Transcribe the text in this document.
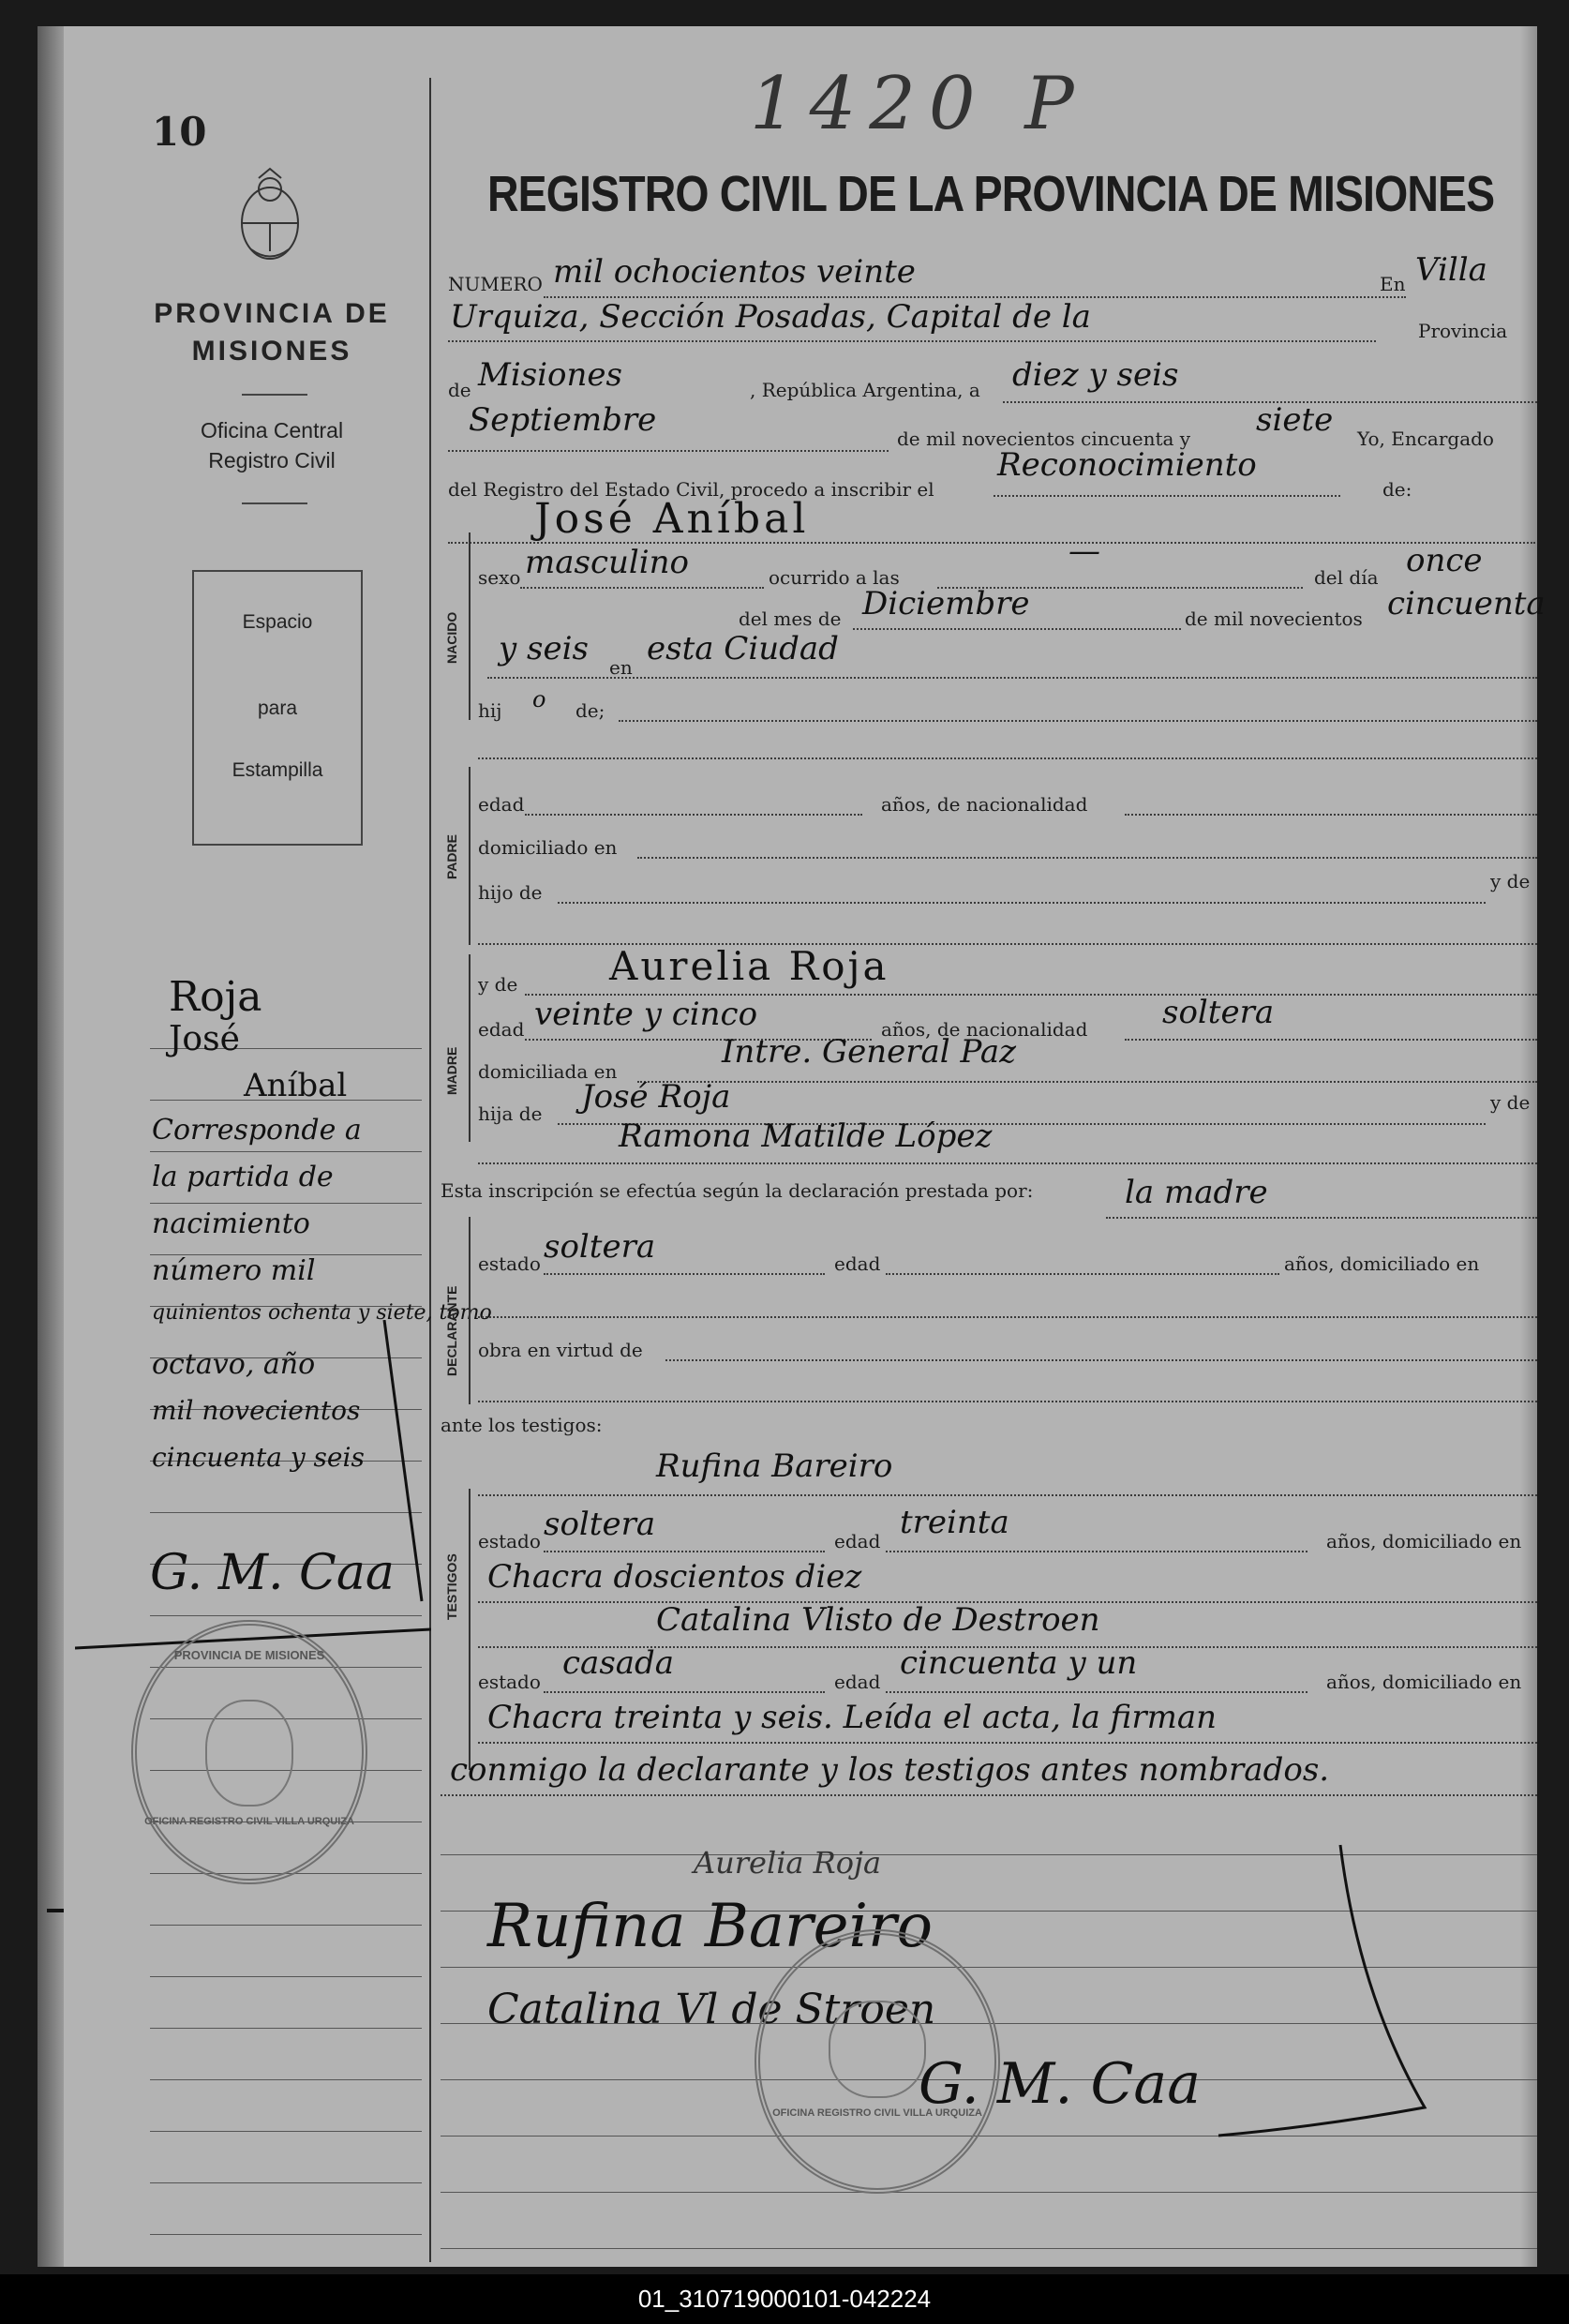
10	1420 P
REGISTRO CIVIL DE LA PROVINCIA DE MISIONES
PROVINCIA DE
MISIONES
Oficina Central
Registro Civil
Espacio
para
Estampilla
Roja
José
Aníbal
Corresponde a
la partida de
nacimiento
número mil
quinientos ochenta y siete, tomo
octavo, año
mil novecientos
cincuenta y seis
G. M. Caa
PROVINCIA DE MISIONES
OFICINA REGISTRO CIVIL VILLA URQUIZA
NUMERO mil ochocientos veinte	En Villa
Urquiza, Sección Posadas, Capital de la	Provincia
de Misiones	, República Argentina, a diez y seis
Septiembre	de mil novecientos cincuenta y siete Yo, Encargado
del Registro del Estado Civil, procedo a inscribir el
Reconocimiento
de:
José Aníbal
NACIDO
sexo masculino	ocurrido a las
—
del día once
del mes de Diciembre	de mil novecientos cincuenta
y seis en esta Ciudad
hij o de;
PADRE
edad	años, de nacionalidad
domiciliado en
hijo de	y de
MADRE
y de Aurelia Roja
edad veinte y cinco	años, de nacionalidad soltera
domiciliada en
Intre. General Paz
hija de José Roja	y de
Ramona Matilde López
Esta inscripción se efectúa según la declaración prestada por:	la madre
DECLARANTE
estado soltera	edad	años, domiciliado en
obra en virtud de
ante los testigos:
Rufina Bareiro
TESTIGOS
estado soltera	edad treinta	años, domiciliado en
Chacra doscientos diez
Catalina Vlisto de Destroen
estado casada	edad cincuenta y un	años, domiciliado en
Chacra treinta y seis. Leída el acta, la firman
conmigo la declarante y los testigos antes nombrados.
Aurelia Roja
Rufina Bareiro
Catalina Vl de Stroen
G. M. Caa
OFICINA REGISTRO CIVIL VILLA URQUIZA
01_310719000101-042224
